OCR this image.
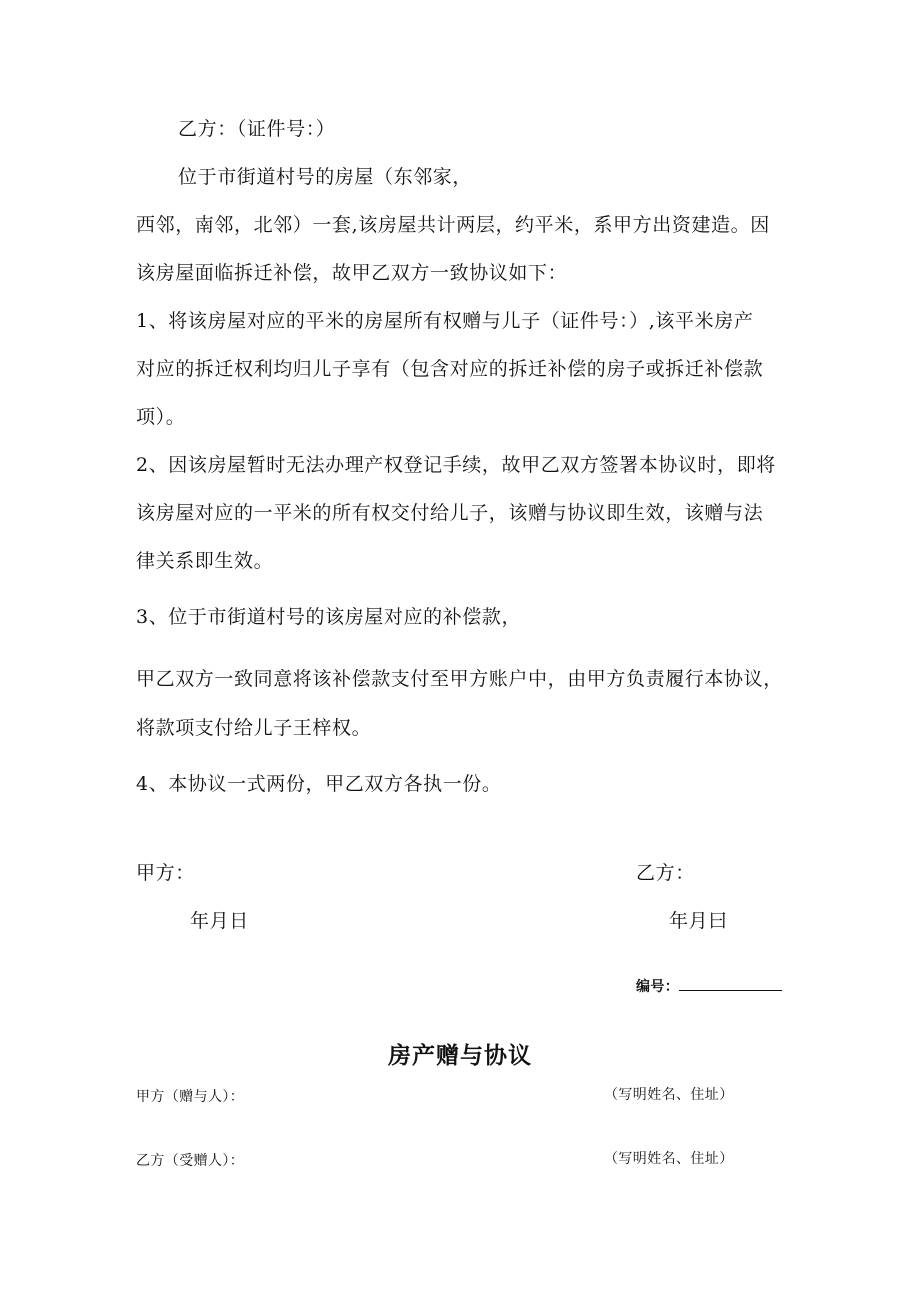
乙方：（证件号：）
位于市街道村号的房屋（东邻家，
西邻，南邻，北邻）一套,该房屋共计两层，约平米，系甲方出资建造。因
该房屋面临拆迁补偿，故甲乙双方一致协议如下：
1、将该房屋对应的平米的房屋所有权赠与儿子（证件号：）,该平米房产
对应的拆迁权利均归儿子享有（包含对应的拆迁补偿的房子或拆迁补偿款
项）。
2、因该房屋暂时无法办理产权登记手续，故甲乙双方签署本协议时，即将
该房屋对应的一平米的所有权交付给儿子，该赠与协议即生效，该赠与法
律关系即生效。
3、位于市街道村号的该房屋对应的补偿款，
甲乙双方一致同意将该补偿款支付至甲方账户中，由甲方负责履行本协议，
将款项支付给儿子王梓权。
4、本协议一式两份，甲乙双方各执一份。
甲方：	乙方：
年月日	年月曰
编号：
房产赠与协议
甲方（赠与人）：	（写明姓名、住址）
乙方（受赠人）：	（写明姓名、住址）
